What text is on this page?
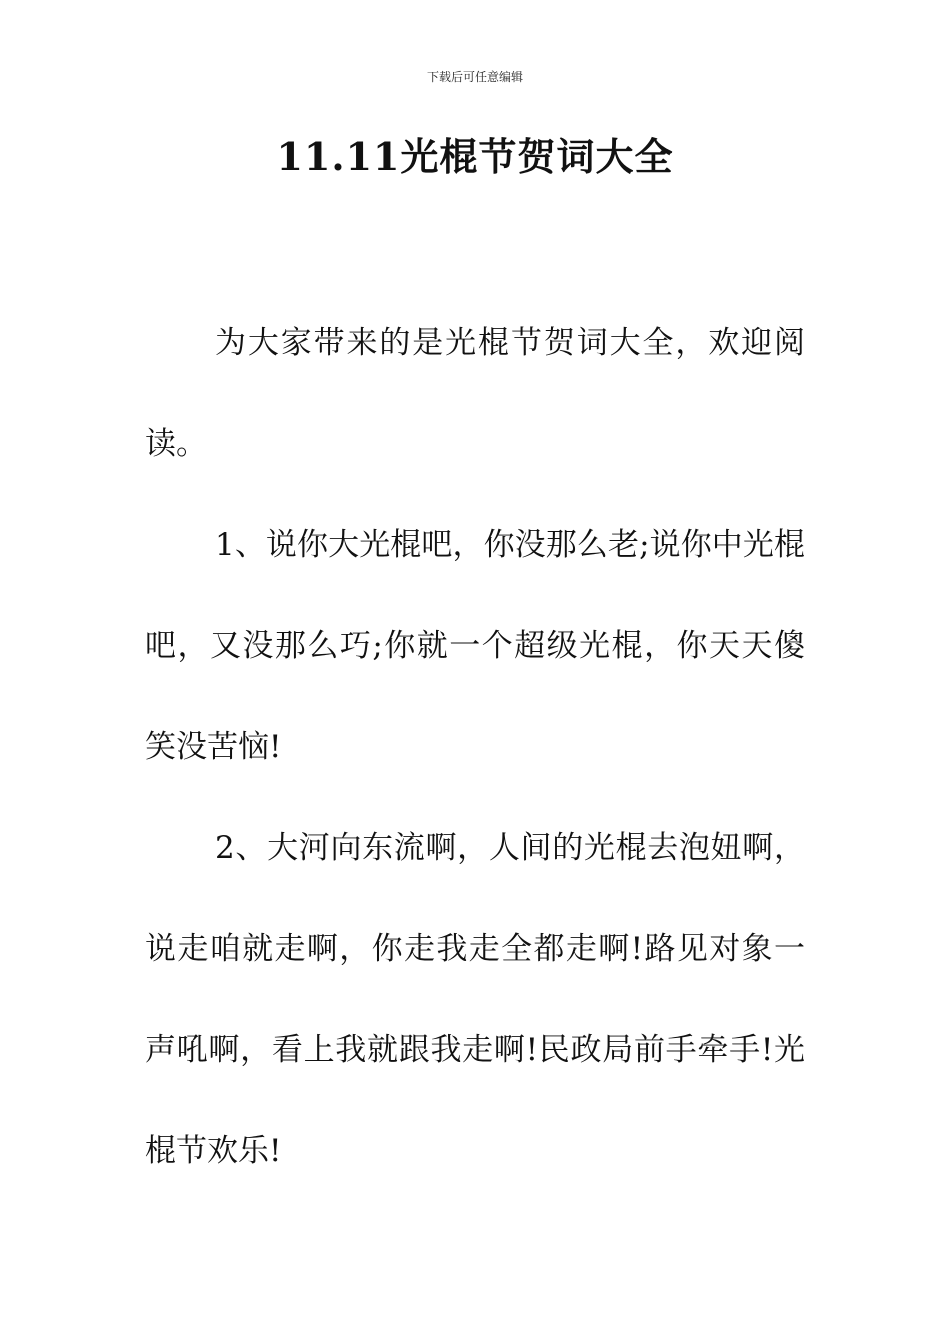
下载后可任意编辑
11.11光棍节贺词大全

为大家带来的是光棍节贺词大全，欢迎阅读。

1、说你大光棍吧，你没那么老;说你中光棍吧，又没那么巧;你就一个超级光棍，你天天傻笑没苦恼!

2、大河向东流啊，人间的光棍去泡妞啊，说走咱就走啊，你走我走全都走啊!路见对象一声吼啊，看上我就跟我走啊!民政局前手牵手!光棍节欢乐!
